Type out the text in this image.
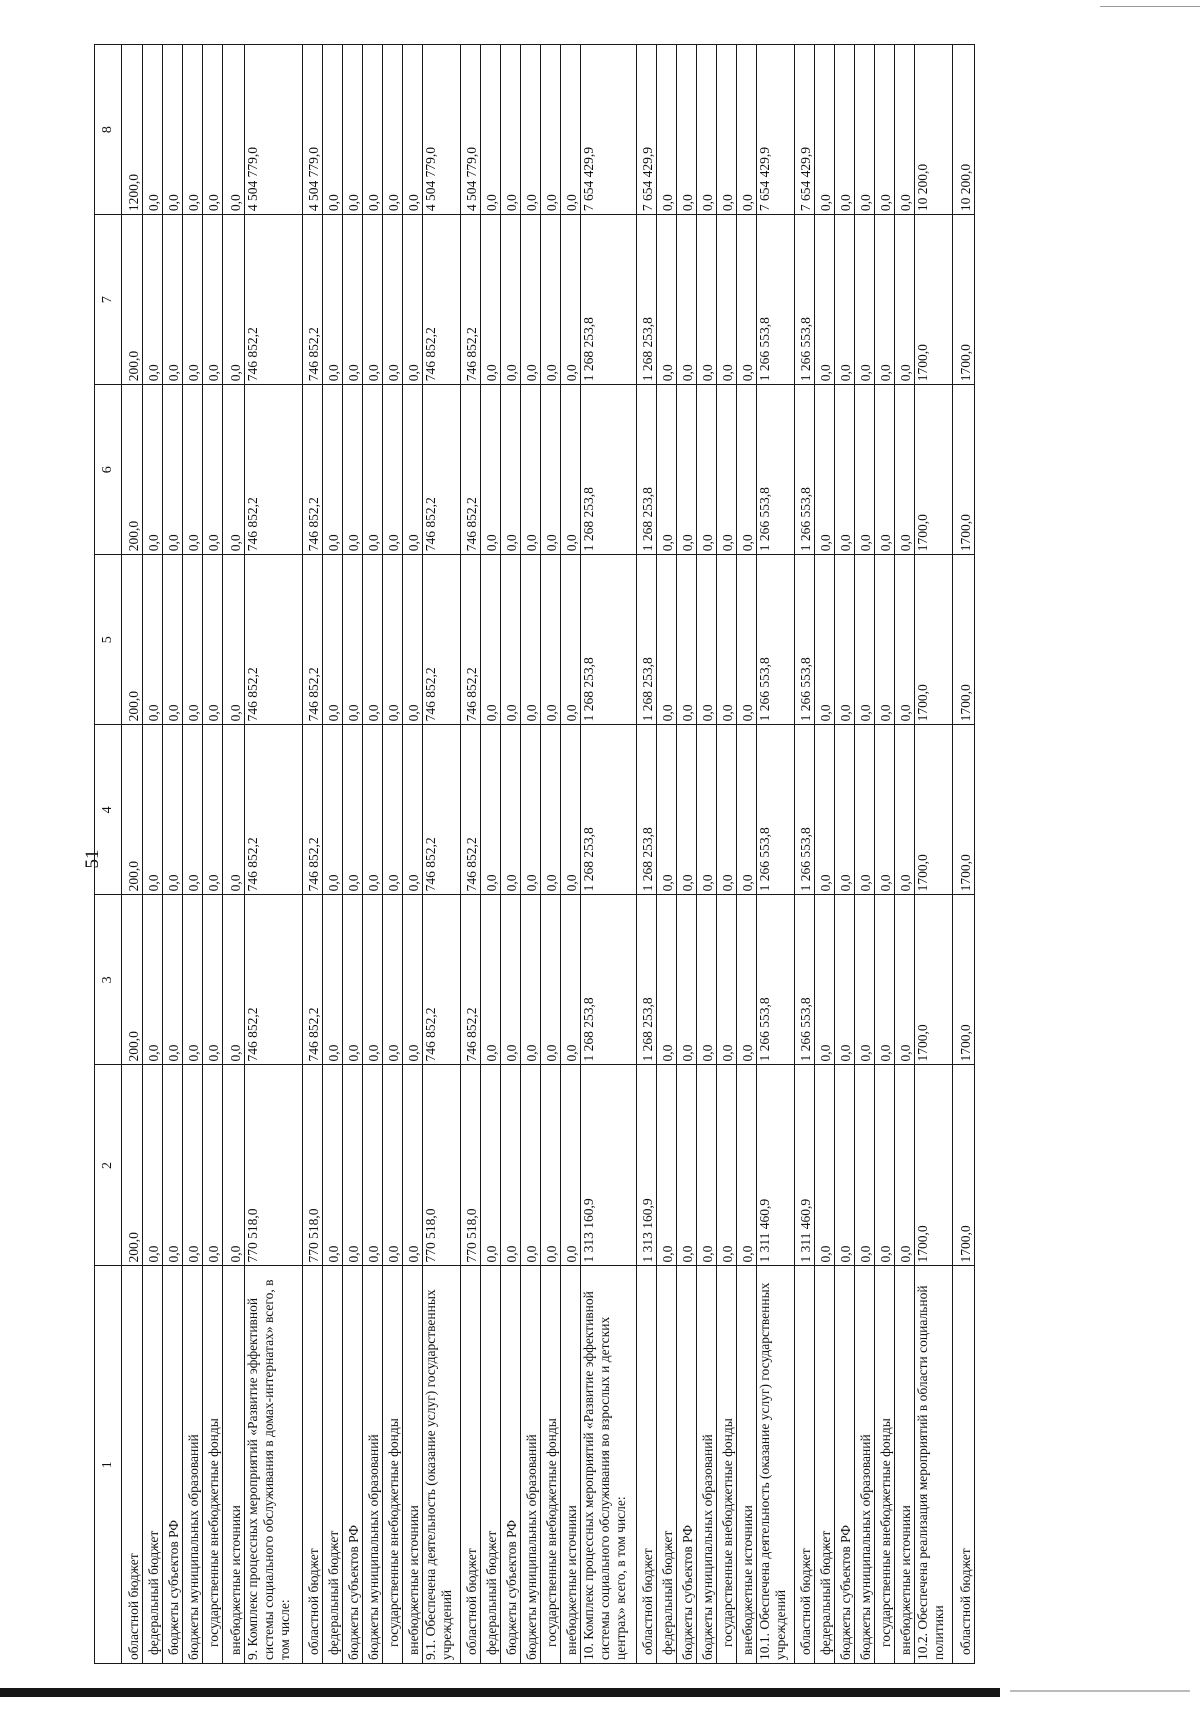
51
1	2	3	4	5	6	7	8
областной бюджет	200,0	200,0	200,0	200,0	200,0	200,0	1200,0
федеральный бюджет	0,0	0,0	0,0	0,0	0,0	0,0	0,0
бюджеты субъектов РФ	0,0	0,0	0,0	0,0	0,0	0,0	0,0
бюджеты муниципальных образований	0,0	0,0	0,0	0,0	0,0	0,0	0,0
государственные внебюджетные фонды	0,0	0,0	0,0	0,0	0,0	0,0	0,0
внебюджетные источники	0,0	0,0	0,0	0,0	0,0	0,0	0,0
9. Комплекс процессных мероприятий «Развитие эффективной системы социального обслуживания в домах-интернатах» всего, в том числе:	770 518,0	746 852,2	746 852,2	746 852,2	746 852,2	746 852,2	4 504 779,0
областной бюджет	770 518,0	746 852,2	746 852,2	746 852,2	746 852,2	746 852,2	4 504 779,0
федеральный бюджет	0,0	0,0	0,0	0,0	0,0	0,0	0,0
бюджеты субъектов РФ	0,0	0,0	0,0	0,0	0,0	0,0	0,0
бюджеты муниципальных образований	0,0	0,0	0,0	0,0	0,0	0,0	0,0
государственные внебюджетные фонды	0,0	0,0	0,0	0,0	0,0	0,0	0,0
внебюджетные источники	0,0	0,0	0,0	0,0	0,0	0,0	0,0
9.1. Обеспечена деятельность (оказание услуг) государственных учреждений	770 518,0	746 852,2	746 852,2	746 852,2	746 852,2	746 852,2	4 504 779,0
областной бюджет	770 518,0	746 852,2	746 852,2	746 852,2	746 852,2	746 852,2	4 504 779,0
федеральный бюджет	0,0	0,0	0,0	0,0	0,0	0,0	0,0
бюджеты субъектов РФ	0,0	0,0	0,0	0,0	0,0	0,0	0,0
бюджеты муниципальных образований	0,0	0,0	0,0	0,0	0,0	0,0	0,0
государственные внебюджетные фонды	0,0	0,0	0,0	0,0	0,0	0,0	0,0
внебюджетные источники	0,0	0,0	0,0	0,0	0,0	0,0	0,0
10. Комплекс процессных мероприятий «Развитие эффективной системы социального обслуживания во взрослых и детских центрах» всего, в том числе:	1 313 160,9	1 268 253,8	1 268 253,8	1 268 253,8	1 268 253,8	1 268 253,8	7 654 429,9
областной бюджет	1 313 160,9	1 268 253,8	1 268 253,8	1 268 253,8	1 268 253,8	1 268 253,8	7 654 429,9
федеральный бюджет	0,0	0,0	0,0	0,0	0,0	0,0	0,0
бюджеты субъектов РФ	0,0	0,0	0,0	0,0	0,0	0,0	0,0
бюджеты муниципальных образований	0,0	0,0	0,0	0,0	0,0	0,0	0,0
государственные внебюджетные фонды	0,0	0,0	0,0	0,0	0,0	0,0	0,0
внебюджетные источники	0,0	0,0	0,0	0,0	0,0	0,0	0,0
10.1. Обеспечена деятельность (оказание услуг) государственных учреждений	1 311 460,9	1 266 553,8	1 266 553,8	1 266 553,8	1 266 553,8	1 266 553,8	7 654 429,9
областной бюджет	1 311 460,9	1 266 553,8	1 266 553,8	1 266 553,8	1 266 553,8	1 266 553,8	7 654 429,9
федеральный бюджет	0,0	0,0	0,0	0,0	0,0	0,0	0,0
бюджеты субъектов РФ	0,0	0,0	0,0	0,0	0,0	0,0	0,0
бюджеты муниципальных образований	0,0	0,0	0,0	0,0	0,0	0,0	0,0
государственные внебюджетные фонды	0,0	0,0	0,0	0,0	0,0	0,0	0,0
внебюджетные источники	0,0	0,0	0,0	0,0	0,0	0,0	0,0
10.2. Обеспечена реализация мероприятий в области социальной политики	1700,0	1700,0	1700,0	1700,0	1700,0	1700,0	10 200,0
областной бюджет	1700,0	1700,0	1700,0	1700,0	1700,0	1700,0	10 200,0
